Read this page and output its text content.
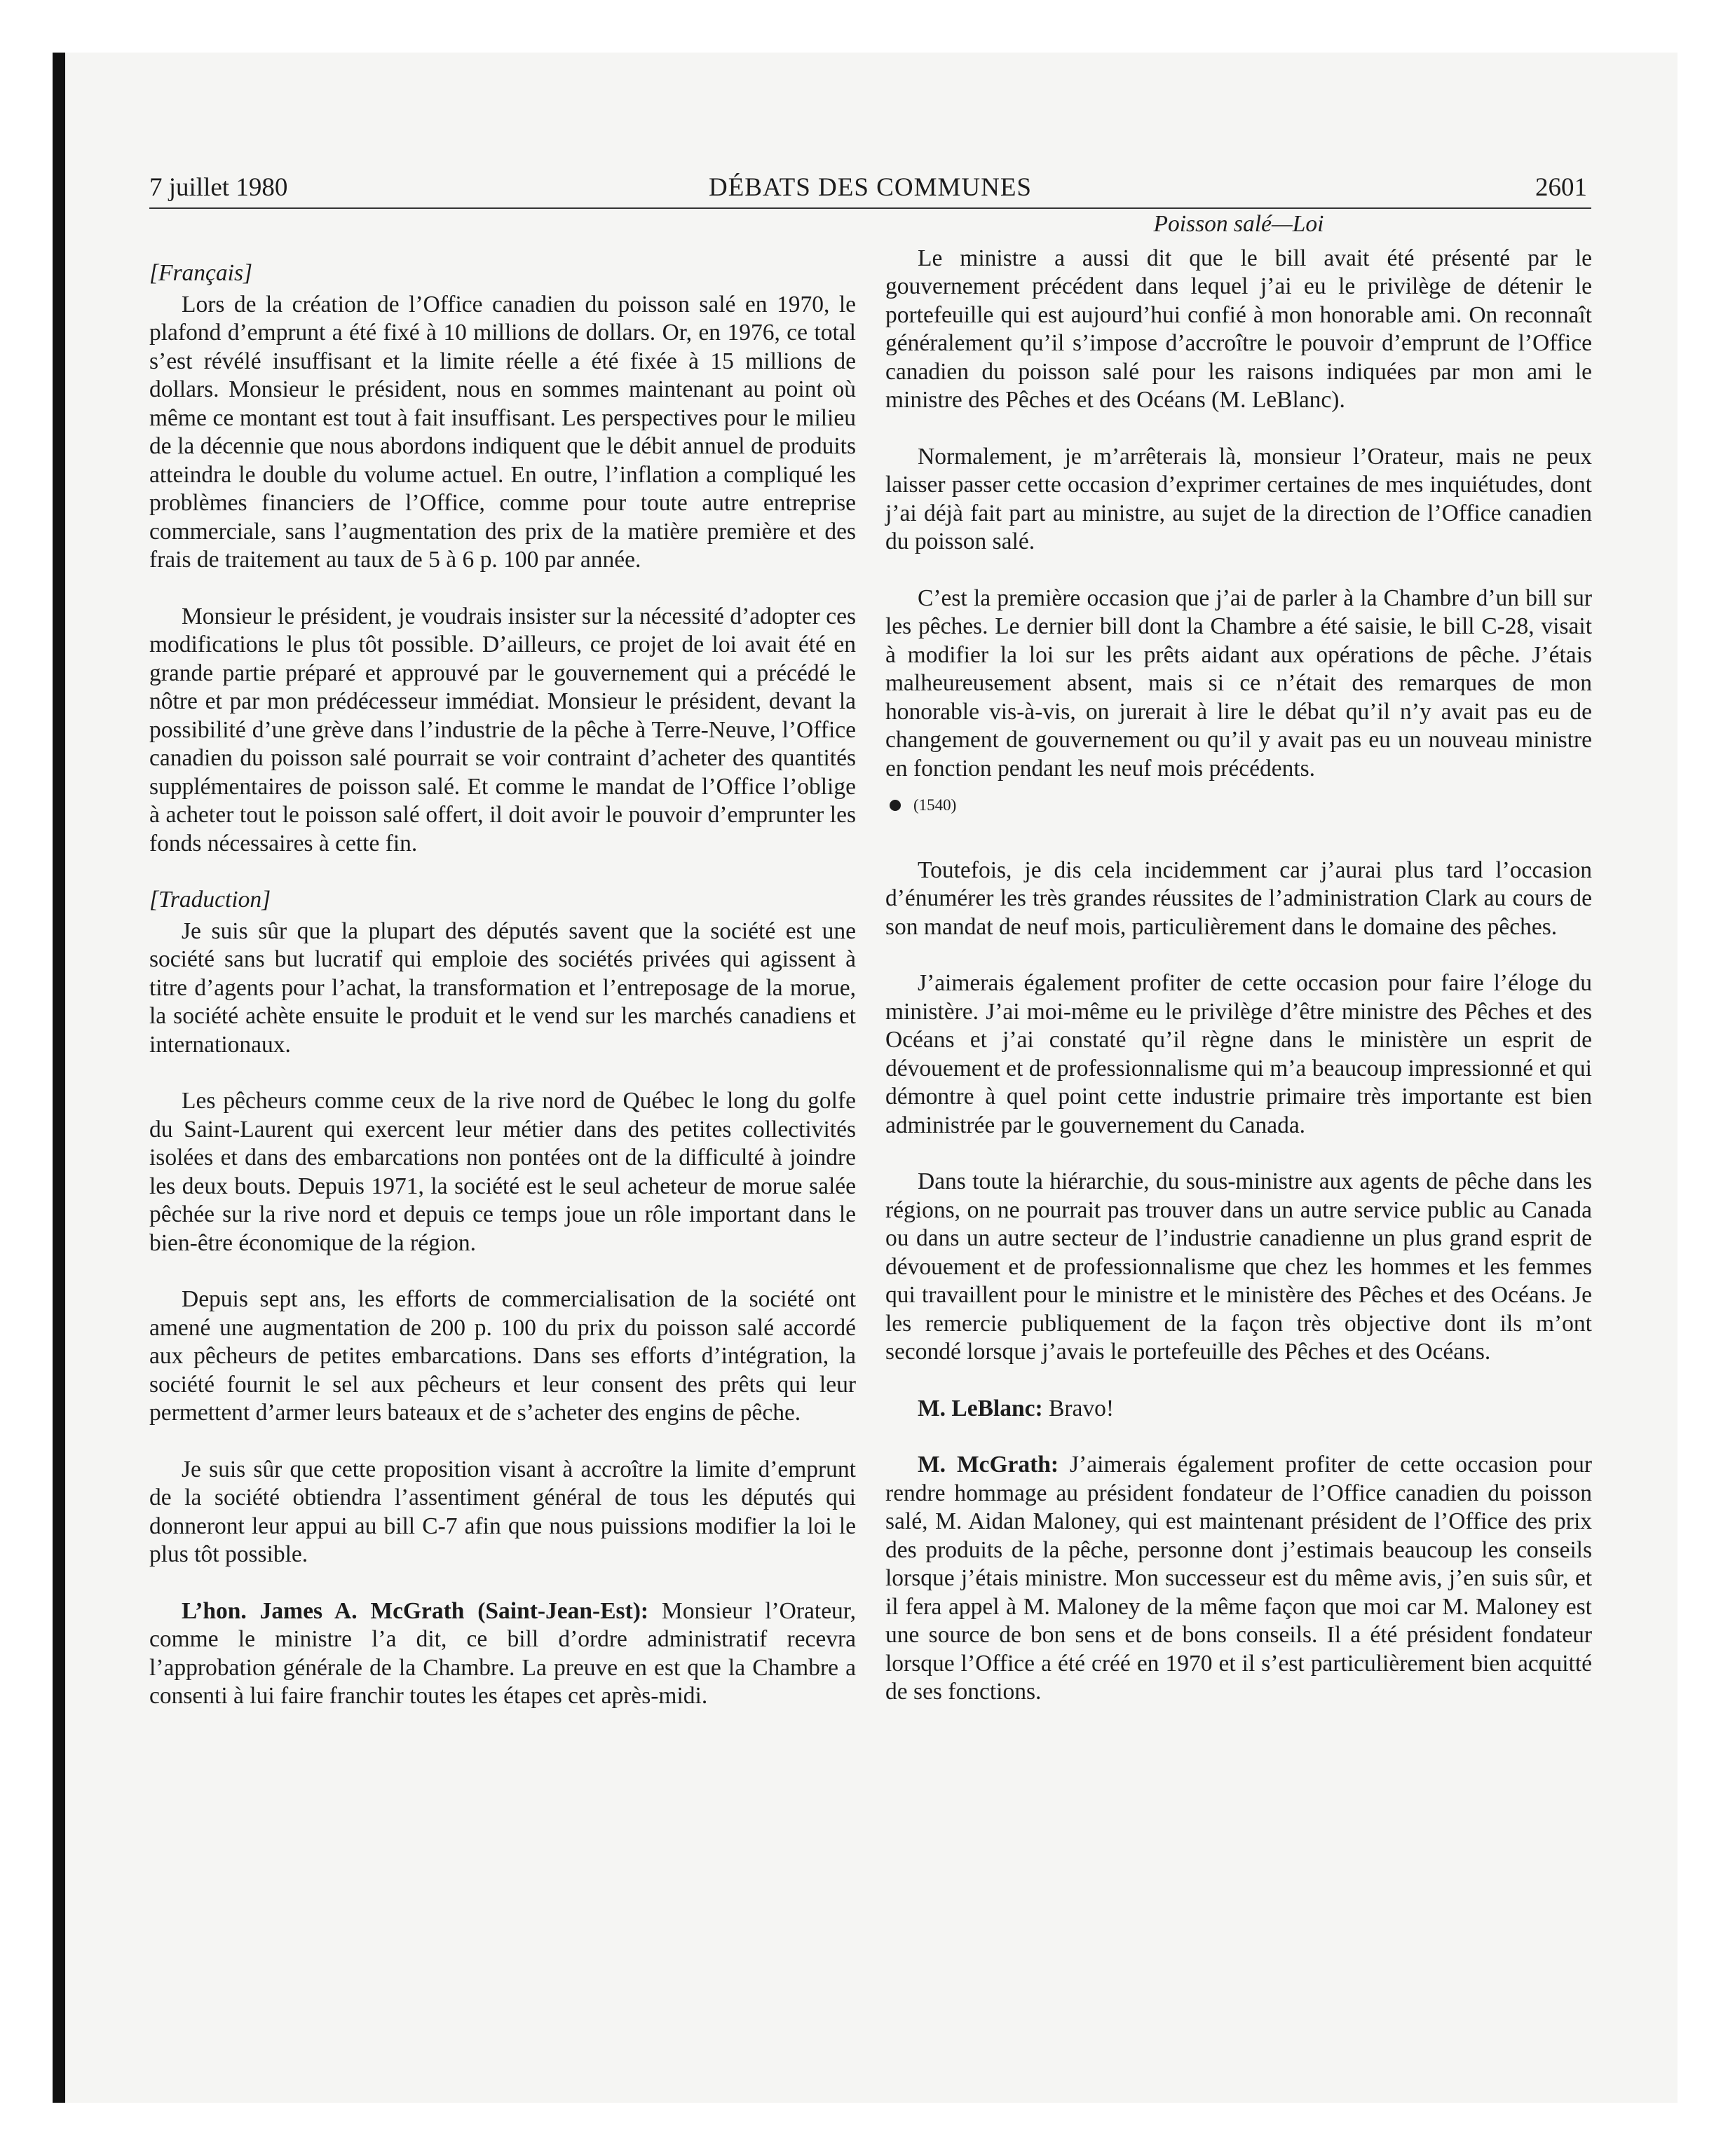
7 juillet 1980	DÉBATS DES COMMUNES	2601
[Français]

Lors de la création de l’Office canadien du poisson salé en 1970, le plafond d’emprunt a été fixé à 10 millions de dollars. Or, en 1976, ce total s’est révélé insuffisant et la limite réelle a été fixée à 15 millions de dollars. Monsieur le président, nous en sommes maintenant au point où même ce montant est tout à fait insuffisant. Les perspectives pour le milieu de la décennie que nous abordons indiquent que le débit annuel de produits atteindra le double du volume actuel. En outre, l’inflation a compliqué les problèmes financiers de l’Office, comme pour toute autre entreprise commerciale, sans l’augmentation des prix de la matière première et des frais de traitement au taux de 5 à 6 p. 100 par année.

Monsieur le président, je voudrais insister sur la nécessité d’adopter ces modifications le plus tôt possible. D’ailleurs, ce projet de loi avait été en grande partie préparé et approuvé par le gouvernement qui a précédé le nôtre et par mon prédécesseur immédiat. Monsieur le président, devant la possibilité d’une grève dans l’industrie de la pêche à Terre-Neuve, l’Office canadien du poisson salé pourrait se voir contraint d’acheter des quantités supplémentaires de poisson salé. Et comme le mandat de l’Office l’oblige à acheter tout le poisson salé offert, il doit avoir le pouvoir d’emprunter les fonds nécessaires à cette fin.

[Traduction]

Je suis sûr que la plupart des députés savent que la société est une société sans but lucratif qui emploie des sociétés privées qui agissent à titre d’agents pour l’achat, la transformation et l’entreposage de la morue, la société achète ensuite le produit et le vend sur les marchés canadiens et internationaux.

Les pêcheurs comme ceux de la rive nord de Québec le long du golfe du Saint-Laurent qui exercent leur métier dans des petites collectivités isolées et dans des embarcations non pontées ont de la difficulté à joindre les deux bouts. Depuis 1971, la société est le seul acheteur de morue salée pêchée sur la rive nord et depuis ce temps joue un rôle important dans le bien-être économique de la région.

Depuis sept ans, les efforts de commercialisation de la société ont amené une augmentation de 200 p. 100 du prix du poisson salé accordé aux pêcheurs de petites embarcations. Dans ses efforts d’intégration, la société fournit le sel aux pêcheurs et leur consent des prêts qui leur permettent d’armer leurs bateaux et de s’acheter des engins de pêche.

Je suis sûr que cette proposition visant à accroître la limite d’emprunt de la société obtiendra l’assentiment général de tous les députés qui donneront leur appui au bill C-7 afin que nous puissions modifier la loi le plus tôt possible.

L’hon. James A. McGrath (Saint-Jean-Est): Monsieur l’Orateur, comme le ministre l’a dit, ce bill d’ordre administratif recevra l’approbation générale de la Chambre. La preuve en est que la Chambre a consenti à lui faire franchir toutes les étapes cet après-midi.

Poisson salé—Loi

Le ministre a aussi dit que le bill avait été présenté par le gouvernement précédent dans lequel j’ai eu le privilège de détenir le portefeuille qui est aujourd’hui confié à mon honorable ami. On reconnaît généralement qu’il s’impose d’accroître le pouvoir d’emprunt de l’Office canadien du poisson salé pour les raisons indiquées par mon ami le ministre des Pêches et des Océans (M. LeBlanc).

Normalement, je m’arrêterais là, monsieur l’Orateur, mais ne peux laisser passer cette occasion d’exprimer certaines de mes inquiétudes, dont j’ai déjà fait part au ministre, au sujet de la direction de l’Office canadien du poisson salé.

C’est la première occasion que j’ai de parler à la Chambre d’un bill sur les pêches. Le dernier bill dont la Chambre a été saisie, le bill C-28, visait à modifier la loi sur les prêts aidant aux opérations de pêche. J’étais malheureusement absent, mais si ce n’était des remarques de mon honorable vis-à-vis, on jurerait à lire le débat qu’il n’y avait pas eu de changement de gouvernement ou qu’il y avait pas eu un nouveau ministre en fonction pendant les neuf mois précédents.

(1540)

Toutefois, je dis cela incidemment car j’aurai plus tard l’occasion d’énumérer les très grandes réussites de l’administration Clark au cours de son mandat de neuf mois, particulièrement dans le domaine des pêches.

J’aimerais également profiter de cette occasion pour faire l’éloge du ministère. J’ai moi-même eu le privilège d’être ministre des Pêches et des Océans et j’ai constaté qu’il règne dans le ministère un esprit de dévouement et de professionnalisme qui m’a beaucoup impressionné et qui démontre à quel point cette industrie primaire très importante est bien administrée par le gouvernement du Canada.

Dans toute la hiérarchie, du sous-ministre aux agents de pêche dans les régions, on ne pourrait pas trouver dans un autre service public au Canada ou dans un autre secteur de l’industrie canadienne un plus grand esprit de dévouement et de professionnalisme que chez les hommes et les femmes qui travaillent pour le ministre et le ministère des Pêches et des Océans. Je les remercie publiquement de la façon très objective dont ils m’ont secondé lorsque j’avais le portefeuille des Pêches et des Océans.

M. LeBlanc: Bravo!

M. McGrath: J’aimerais également profiter de cette occasion pour rendre hommage au président fondateur de l’Office canadien du poisson salé, M. Aidan Maloney, qui est maintenant président de l’Office des prix des produits de la pêche, personne dont j’estimais beaucoup les conseils lorsque j’étais ministre. Mon successeur est du même avis, j’en suis sûr, et il fera appel à M. Maloney de la même façon que moi car M. Maloney est une source de bon sens et de bons conseils. Il a été président fondateur lorsque l’Office a été créé en 1970 et il s’est particulièrement bien acquitté de ses fonctions.
